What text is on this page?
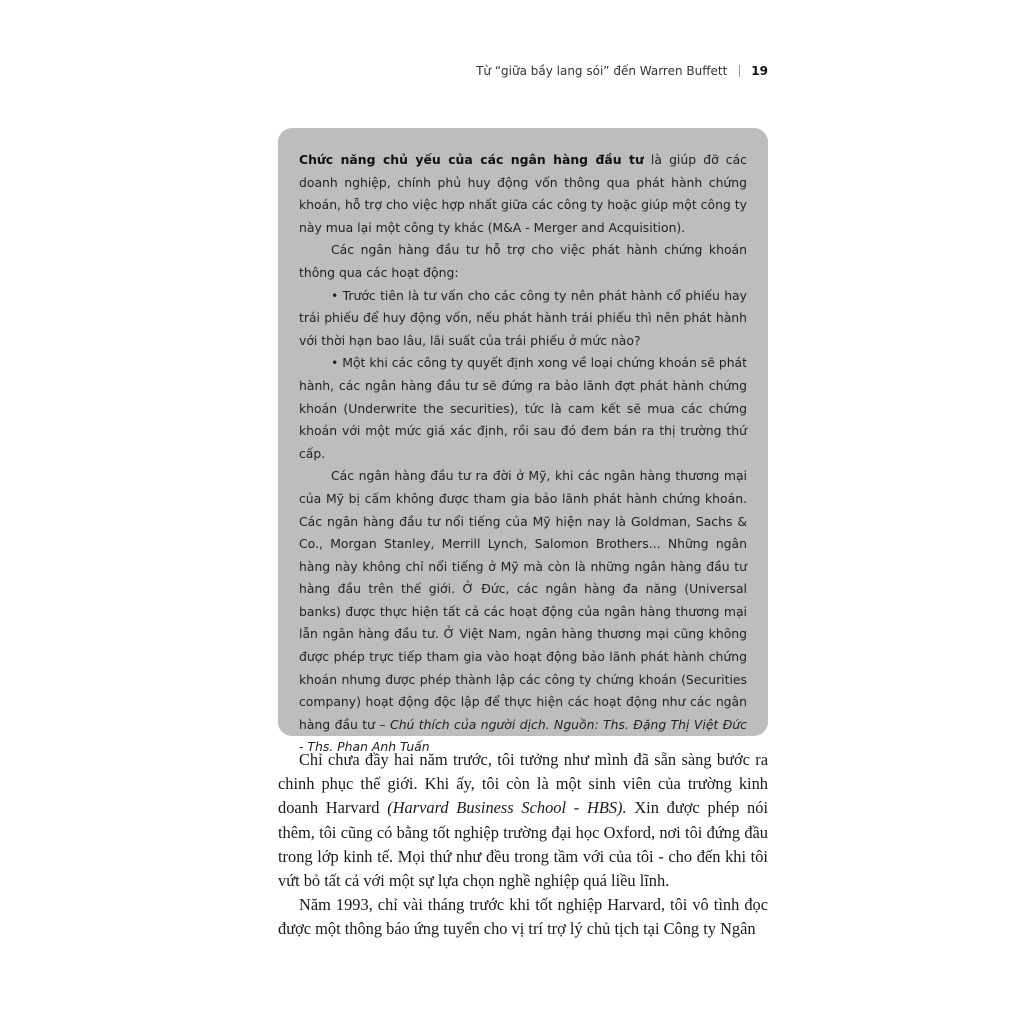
Từ “giữa bầy lang sói” đến Warren Buffett 19

Chức năng chủ yếu của các ngân hàng đầu tư là giúp đỡ các doanh nghiệp, chính phủ huy động vốn thông qua phát hành chứng khoán, hỗ trợ cho việc hợp nhất giữa các công ty hoặc giúp một công ty này mua lại một công ty khác (M&A - Merger and Acquisition).

Các ngân hàng đầu tư hỗ trợ cho việc phát hành chứng khoán thông qua các hoạt động:

• Trước tiên là tư vấn cho các công ty nên phát hành cổ phiếu hay trái phiếu để huy động vốn, nếu phát hành trái phiếu thì nên phát hành với thời hạn bao lâu, lãi suất của trái phiếu ở mức nào?

• Một khi các công ty quyết định xong về loại chứng khoán sẽ phát hành, các ngân hàng đầu tư sẽ đứng ra bảo lãnh đợt phát hành chứng khoán (Underwrite the securities), tức là cam kết sẽ mua các chứng khoán với một mức giá xác định, rồi sau đó đem bán ra thị trường thứ cấp.

Các ngân hàng đầu tư ra đời ở Mỹ, khi các ngân hàng thương mại của Mỹ bị cấm không được tham gia bảo lãnh phát hành chứng khoán. Các ngân hàng đầu tư nổi tiếng của Mỹ hiện nay là Goldman, Sachs & Co., Morgan Stanley, Merrill Lynch, Salomon Brothers... Những ngân hàng này không chỉ nổi tiếng ở Mỹ mà còn là những ngân hàng đầu tư hàng đầu trên thế giới. Ở Đức, các ngân hàng đa năng (Universal banks) được thực hiện tất cả các hoạt động của ngân hàng thương mại lẫn ngân hàng đầu tư. Ở Việt Nam, ngân hàng thương mại cũng không được phép trực tiếp tham gia vào hoạt động bảo lãnh phát hành chứng khoán nhưng được phép thành lập các công ty chứng khoán (Securities company) hoạt động độc lập để thực hiện các hoạt động như các ngân hàng đầu tư – Chú thích của người dịch. Nguồn: Ths. Đặng Thị Việt Đức - Ths. Phan Anh Tuấn

Chỉ chưa đầy hai năm trước, tôi tưởng như mình đã sẵn sàng bước ra chinh phục thế giới. Khi ấy, tôi còn là một sinh viên của trường kinh doanh Harvard (Harvard Business School - HBS). Xin được phép nói thêm, tôi cũng có bằng tốt nghiệp trường đại học Oxford, nơi tôi đứng đầu trong lớp kinh tế. Mọi thứ như đều trong tầm với của tôi - cho đến khi tôi vứt bỏ tất cả với một sự lựa chọn nghề nghiệp quá liều lĩnh.

Năm 1993, chỉ vài tháng trước khi tốt nghiệp Harvard, tôi vô tình đọc được một thông báo ứng tuyển cho vị trí trợ lý chủ tịch tại Công ty Ngân
